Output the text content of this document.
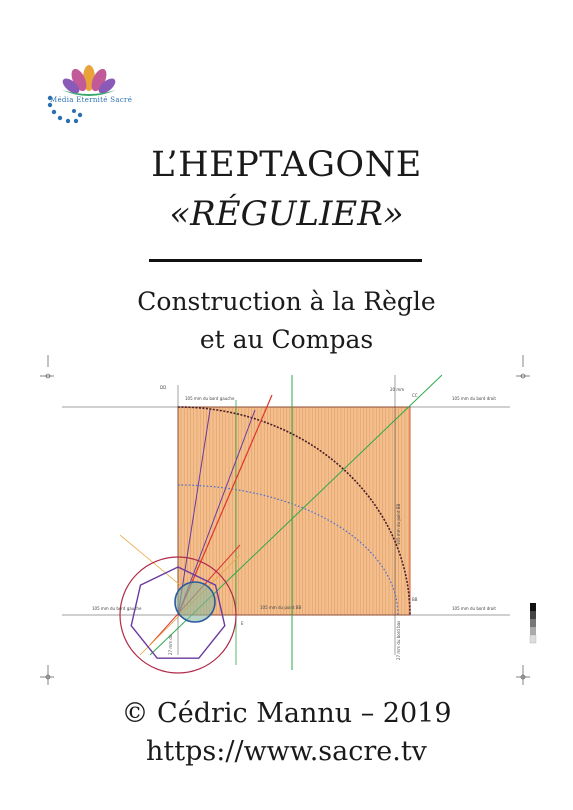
Média Eternité Sacré
L’HEPTAGONE
«RÉGULIER»
Construction à la Règle
et au Compas
DD
105 mm du bord gauche	105 mm du bord droit
20 mm
CC
BB
105 mm du bord gauche	105 mm du bord droit
105 mm du point BB
105 mm du point BB
27 mm du bord bas
27 mm du
E
© Cédric Mannu – 2019
https://www.sacre.tv
